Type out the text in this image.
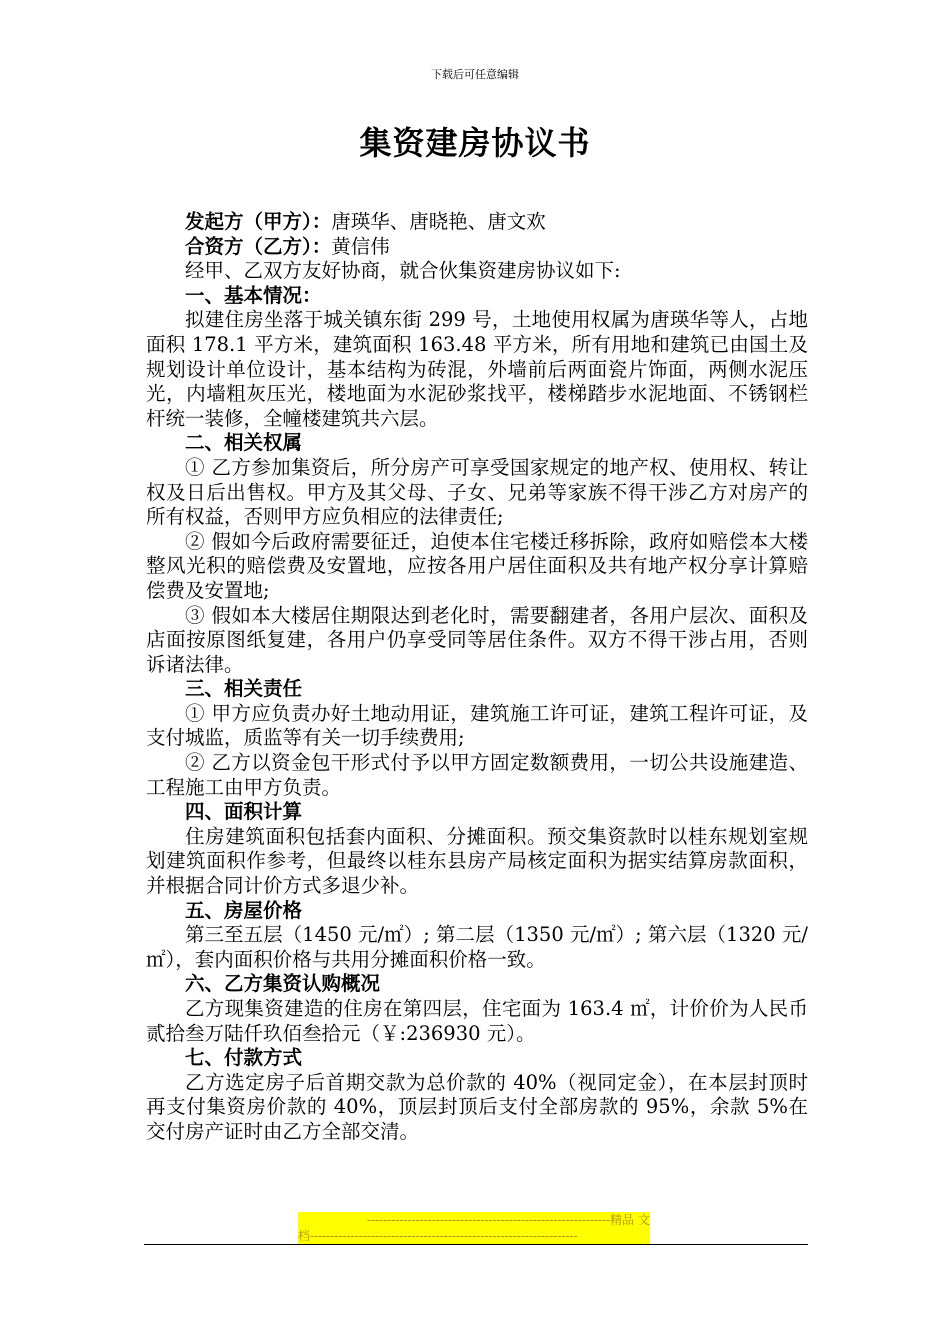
下载后可任意编辑
集资建房协议书
发起方（甲方）：唐瑛华、唐晓艳、唐文欢
合资方（乙方）：黄信伟
经甲、乙双方友好协商，就合伙集资建房协议如下:
一、基本情况：

拟建住房坐落于城关镇东街 299 号，土地使用权属为唐瑛华等人，占地面积 178.1 平方米，建筑面积 163.48 平方米，所有用地和建筑已由国土及规划设计单位设计，基本结构为砖混，外墙前后两面瓷片饰面，两侧水泥压光，内墙粗灰压光，楼地面为水泥砂浆找平，楼梯踏步水泥地面、不锈钢栏杆统一装修，全幢楼建筑共六层。

二、相关权属

① 乙方参加集资后，所分房产可享受国家规定的地产权、使用权、转让权及日后出售权。甲方及其父母、子女、兄弟等家族不得干涉乙方对房产的所有权益，否则甲方应负相应的法律责任;

② 假如今后政府需要征迁，迫使本住宅楼迁移拆除，政府如赔偿本大楼整风光积的赔偿费及安置地，应按各用户居住面积及共有地产权分享计算赔偿费及安置地;

③ 假如本大楼居住期限达到老化时，需要翻建者，各用户层次、面积及店面按原图纸复建，各用户仍享受同等居住条件。双方不得干涉占用，否则诉诸法律。

三、相关责任

① 甲方应负责办好土地动用证，建筑施工许可证，建筑工程许可证，及支付城监，质监等有关一切手续费用;

② 乙方以资金包干形式付予以甲方固定数额费用，一切公共设施建造、工程施工由甲方负责。

四、面积计算

住房建筑面积包括套内面积、分摊面积。预交集资款时以桂东规划室规划建筑面积作参考，但最终以桂东县房产局核定面积为据实结算房款面积，并根据合同计价方式多退少补。

五、房屋价格

第三至五层（1450 元/㎡）; 第二层（1350 元/㎡）; 第六层（1320 元/㎡），套内面积价格与共用分摊面积价格一致。

六、乙方集资认购概况

乙方现集资建造的住房在第四层，住宅面为 163.4 ㎡，计价价为人民币贰拾叁万陆仟玖佰叁拾元（￥:236930 元）。

七、付款方式

乙方选定房子后首期交款为总价款的 40%（视同定金），在本层封顶时再支付集资房价款的 40%，顶层封顶后支付全部房款的 95%，余款 5%在交付房产证时由乙方全部交清。

------------------------------------------------------------精品 文
档------------------------------------------------------------------
